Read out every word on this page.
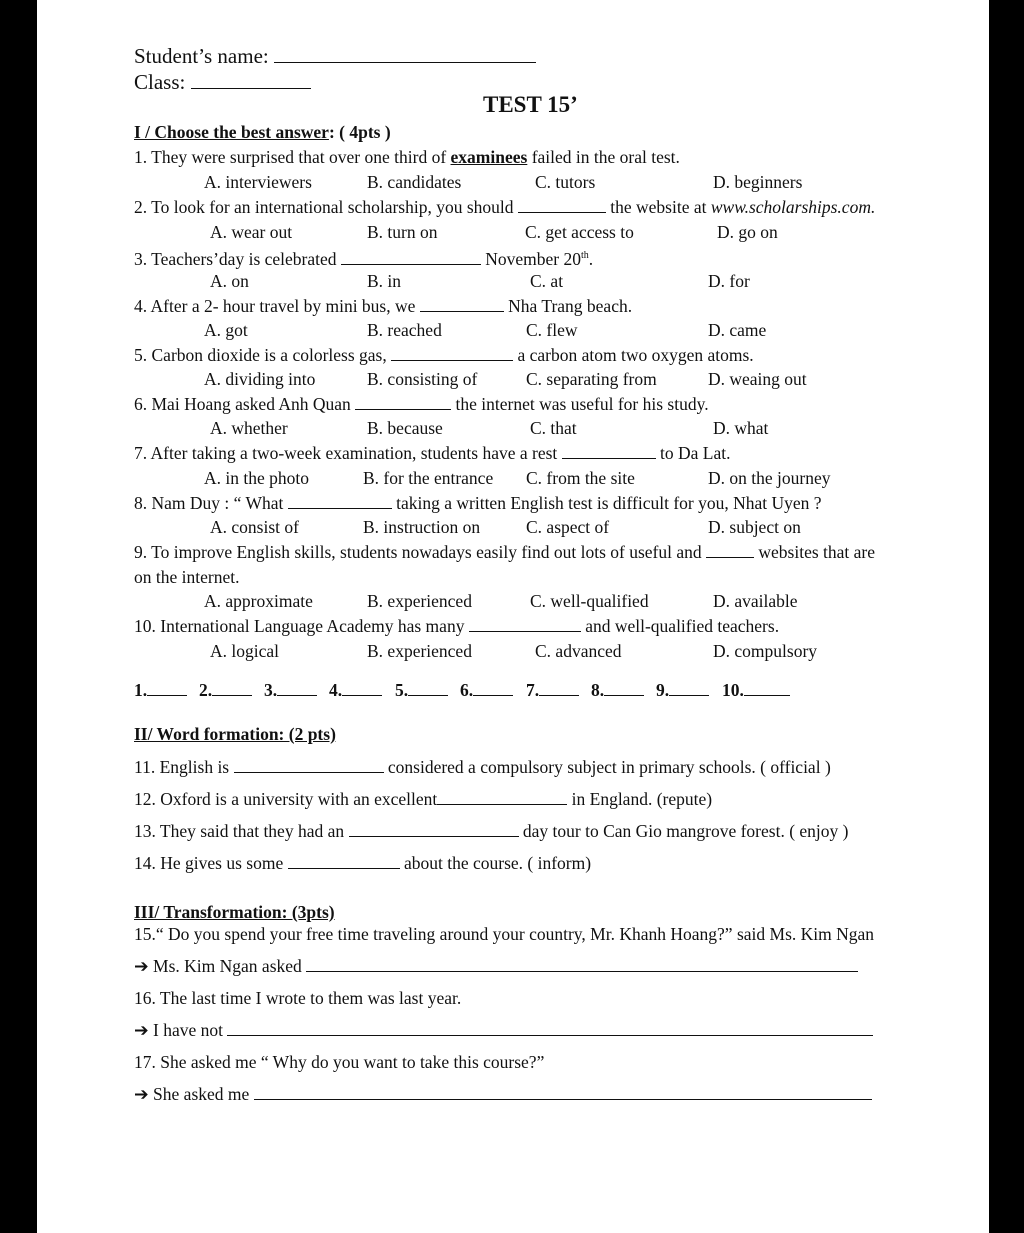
Student’s name:
Class:
TEST 15’
I / Choose the best answer: ( 4pts )
1. They were surprised that over one third of examinees failed in the oral test.
A. interviewers	B. candidates	C. tutors	D. beginners
2. To look for an international scholarship, you should	the website at www.scholarships.com.
A. wear out	B. turn on	C. get access to	D. go on
3. Teachers’day is celebrated	November 20th.
A. on	B. in	C. at	D. for
4. After a 2- hour travel by mini bus, we	Nha Trang beach.
A. got	B. reached	C. flew	D. came
5. Carbon dioxide is a colorless gas,	a carbon atom two oxygen atoms.
A. dividing into	B. consisting of	C. separating from	D. weaing out
6. Mai Hoang asked Anh Quan	the internet was useful for his study.
A. whether	B. because	C. that	D. what
7. After taking a two-week examination, students have a rest	to Da Lat.
A. in the photo	B. for the entrance C. from the site	D. on the journey
8. Nam Duy : “ What	taking a written English test is difficult for you, Nhat Uyen ?
A. consist of	B. instruction on	C. aspect of	D. subject on
9. To improve English skills, students nowadays easily find out lots of useful and	websites that are
on the internet.
A. approximate	B. experienced	C. well-qualified	D. available
10. International Language Academy has many	and well-qualified teachers.
A. logical	B. experienced	C. advanced	D. compulsory
1.	2.	3.	4.	5.	6.	7.	8.	9.	10.
II/ Word formation: (2 pts)
11. English is	considered a compulsory subject in primary schools. ( official )
12. Oxford is a university with an excellent	in England. (repute)
13. They said that they had an	day tour to Can Gio mangrove forest. ( enjoy )
14. He gives us some	about the course. ( inform)
III/ Transformation: (3pts)
15.“ Do you spend your free time traveling around your country, Mr. Khanh Hoang?” said Ms. Kim Ngan
➔ Ms. Kim Ngan asked
16. The last time I wrote to them was last year.
➔ I have not
17. She asked me “ Why do you want to take this course?”
➔ She asked me
